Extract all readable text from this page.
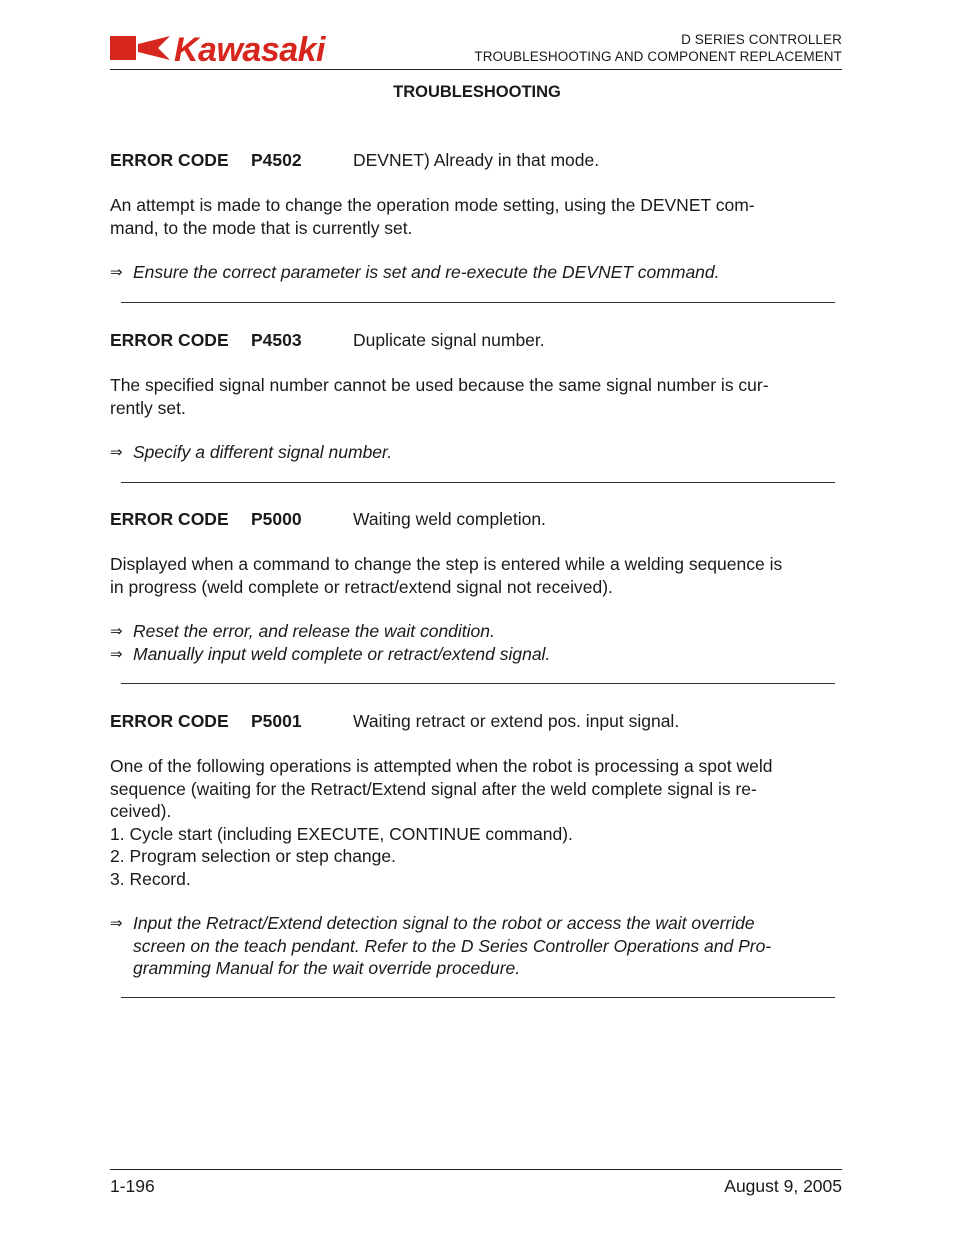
Kawasaki	D SERIES CONTROLLER
TROUBLESHOOTING AND COMPONENT REPLACEMENT
TROUBLESHOOTING
ERROR CODE P4502	DEVNET) Already in that mode.
An attempt is made to change the operation mode setting, using the DEVNET com-
mand, to the mode that is currently set.
⇒ Ensure the correct parameter is set and re-execute the DEVNET command.
ERROR CODE P4503	Duplicate signal number.
The specified signal number cannot be used because the same signal number is cur-
rently set.
⇒ Specify a different signal number.
ERROR CODE P5000	Waiting weld completion.
Displayed when a command to change the step is entered while a welding sequence is
in progress (weld complete or retract/extend signal not received).
⇒ Reset the error, and release the wait condition.
⇒ Manually input weld complete or retract/extend signal.
ERROR CODE P5001	Waiting retract or extend pos. input signal.
One of the following operations is attempted when the robot is processing a spot weld
sequence (waiting for the Retract/Extend signal after the weld complete signal is re-
ceived).
1. Cycle start (including EXECUTE, CONTINUE command).
2. Program selection or step change.
3. Record.
⇒ Input the Retract/Extend detection signal to the robot or access the wait override
screen on the teach pendant. Refer to the D Series Controller Operations and Pro-
gramming Manual for the wait override procedure.
1-196	August 9, 2005
